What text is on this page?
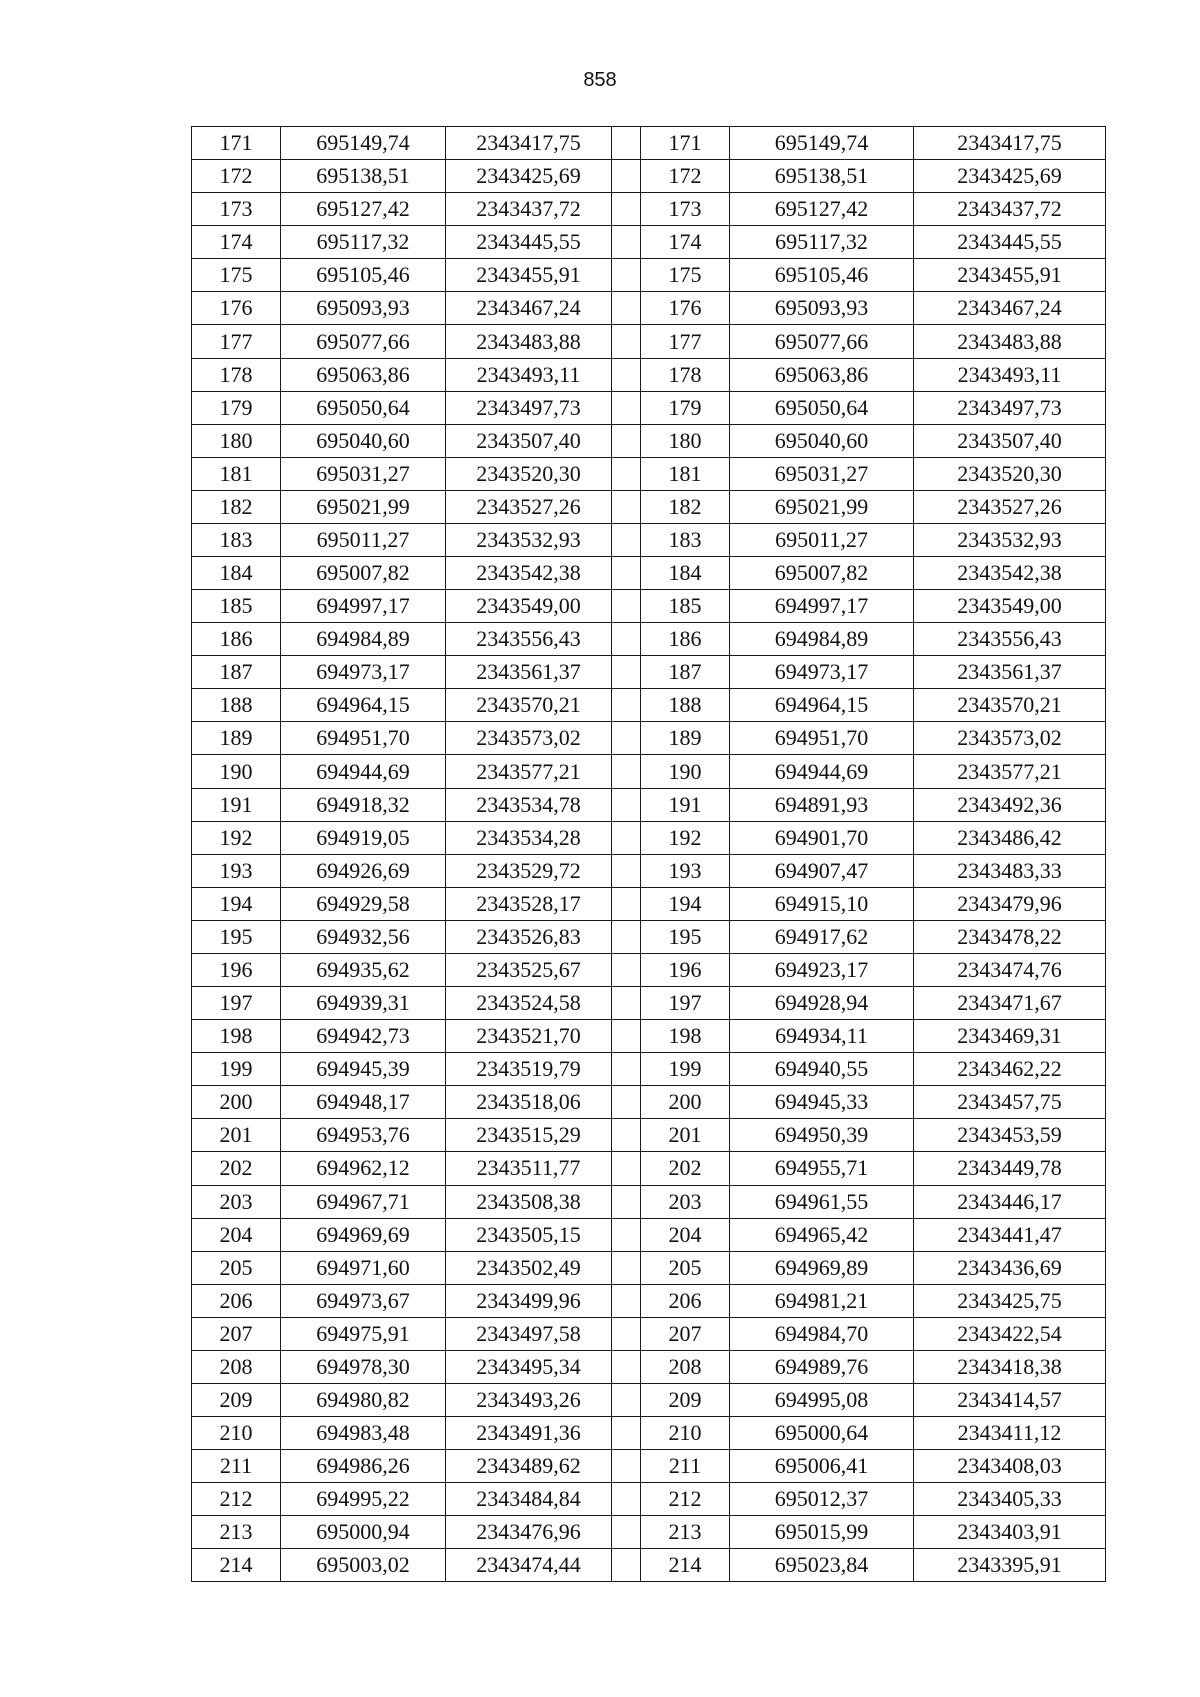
858
171	695149,74	2343417,75		171	695149,74	2343417,75
172	695138,51	2343425,69		172	695138,51	2343425,69
173	695127,42	2343437,72		173	695127,42	2343437,72
174	695117,32	2343445,55		174	695117,32	2343445,55
175	695105,46	2343455,91		175	695105,46	2343455,91
176	695093,93	2343467,24		176	695093,93	2343467,24
177	695077,66	2343483,88		177	695077,66	2343483,88
178	695063,86	2343493,11		178	695063,86	2343493,11
179	695050,64	2343497,73		179	695050,64	2343497,73
180	695040,60	2343507,40		180	695040,60	2343507,40
181	695031,27	2343520,30		181	695031,27	2343520,30
182	695021,99	2343527,26		182	695021,99	2343527,26
183	695011,27	2343532,93		183	695011,27	2343532,93
184	695007,82	2343542,38		184	695007,82	2343542,38
185	694997,17	2343549,00		185	694997,17	2343549,00
186	694984,89	2343556,43		186	694984,89	2343556,43
187	694973,17	2343561,37		187	694973,17	2343561,37
188	694964,15	2343570,21		188	694964,15	2343570,21
189	694951,70	2343573,02		189	694951,70	2343573,02
190	694944,69	2343577,21		190	694944,69	2343577,21
191	694918,32	2343534,78		191	694891,93	2343492,36
192	694919,05	2343534,28		192	694901,70	2343486,42
193	694926,69	2343529,72		193	694907,47	2343483,33
194	694929,58	2343528,17		194	694915,10	2343479,96
195	694932,56	2343526,83		195	694917,62	2343478,22
196	694935,62	2343525,67		196	694923,17	2343474,76
197	694939,31	2343524,58		197	694928,94	2343471,67
198	694942,73	2343521,70		198	694934,11	2343469,31
199	694945,39	2343519,79		199	694940,55	2343462,22
200	694948,17	2343518,06		200	694945,33	2343457,75
201	694953,76	2343515,29		201	694950,39	2343453,59
202	694962,12	2343511,77		202	694955,71	2343449,78
203	694967,71	2343508,38		203	694961,55	2343446,17
204	694969,69	2343505,15		204	694965,42	2343441,47
205	694971,60	2343502,49		205	694969,89	2343436,69
206	694973,67	2343499,96		206	694981,21	2343425,75
207	694975,91	2343497,58		207	694984,70	2343422,54
208	694978,30	2343495,34		208	694989,76	2343418,38
209	694980,82	2343493,26		209	694995,08	2343414,57
210	694983,48	2343491,36		210	695000,64	2343411,12
211	694986,26	2343489,62		211	695006,41	2343408,03
212	694995,22	2343484,84		212	695012,37	2343405,33
213	695000,94	2343476,96		213	695015,99	2343403,91
214	695003,02	2343474,44		214	695023,84	2343395,91
